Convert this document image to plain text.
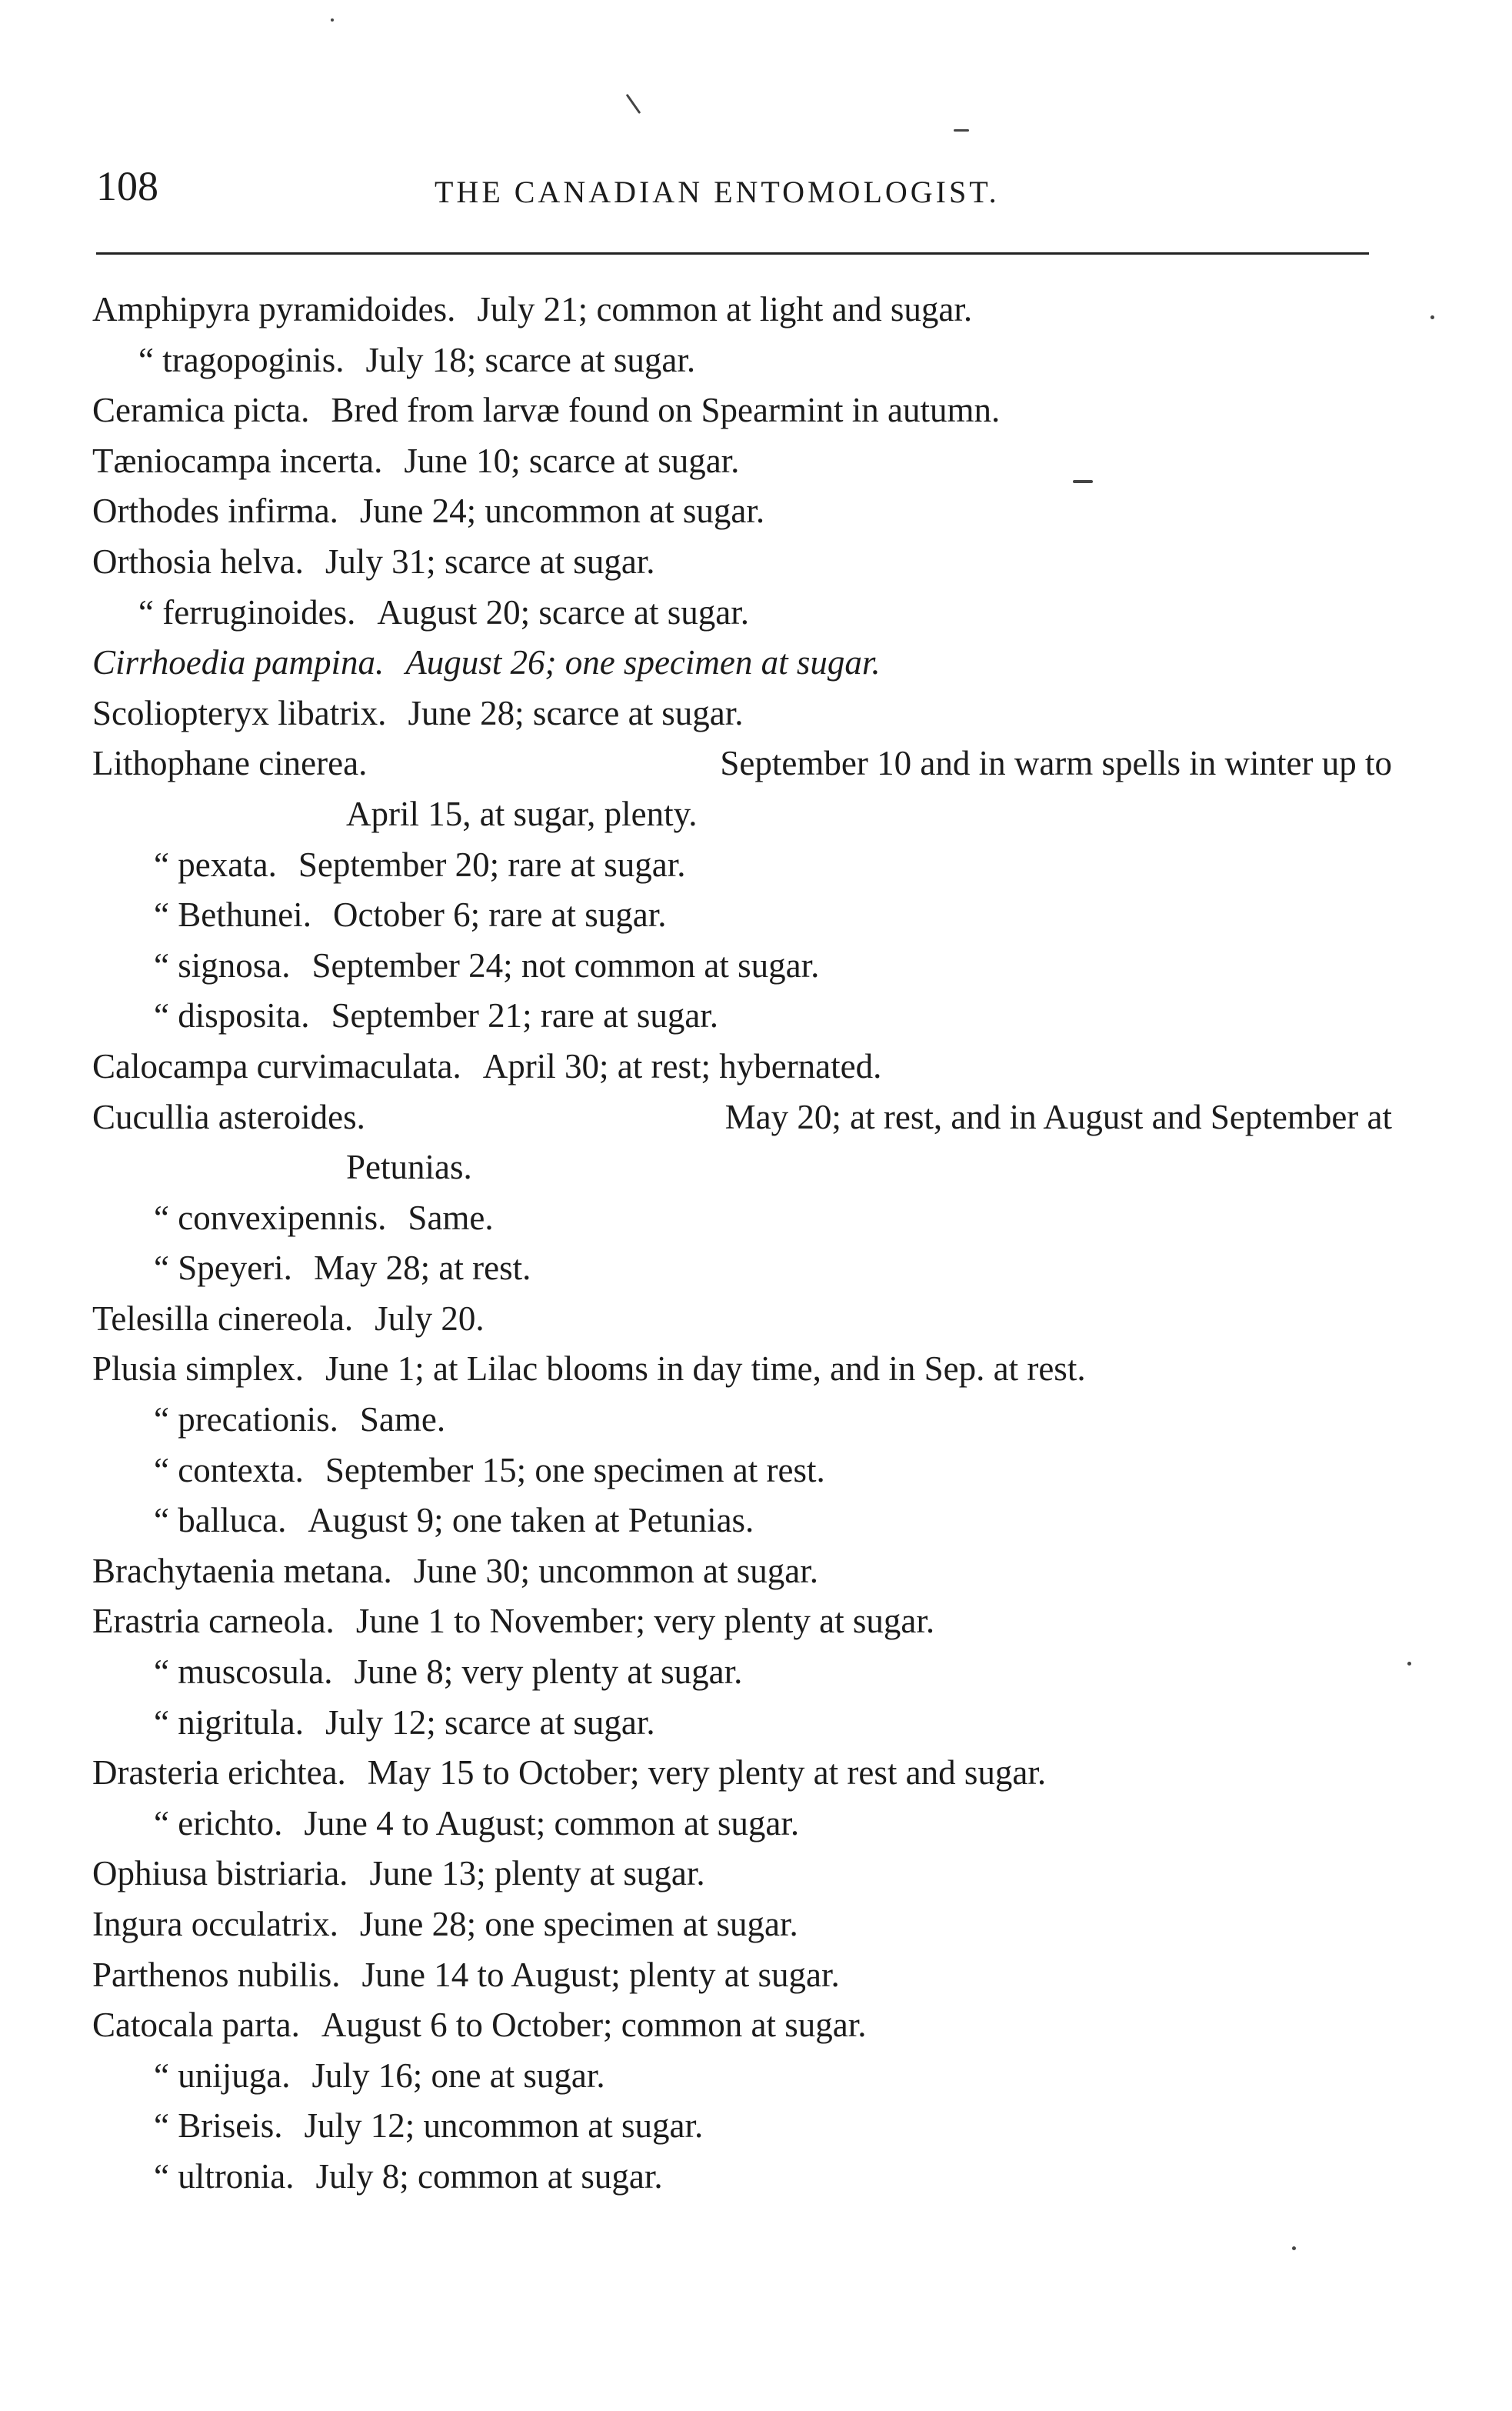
108	THE CANADIAN ENTOMOLOGIST.
Amphipyra pyramidoides. July 21; common at light and sugar.
“ tragopoginis. July 18; scarce at sugar.
Ceramica picta. Bred from larvæ found on Spearmint in autumn.
Tæniocampa incerta. June 10; scarce at sugar.
Orthodes infirma. June 24; uncommon at sugar.
Orthosia helva. July 31; scarce at sugar.
“ ferruginoides. August 20; scarce at sugar.
Cirrhoedia pampina. August 26; one specimen at sugar.
Scoliopteryx libatrix. June 28; scarce at sugar.
Lithophane cinerea.	September 10 and in warm spells in winter up to
April 15, at sugar, plenty.
“ pexata. September 20; rare at sugar.
“ Bethunei. October 6; rare at sugar.
“ signosa. September 24; not common at sugar.
“ disposita. September 21; rare at sugar.
Calocampa curvimaculata. April 30; at rest; hybernated.
Cucullia asteroides.	May 20; at rest, and in August and September at
Petunias.
“ convexipennis. Same.
“ Speyeri. May 28; at rest.
Telesilla cinereola. July 20.
Plusia simplex. June 1; at Lilac blooms in day time, and in Sep. at rest.
“ precationis. Same.
“ contexta. September 15; one specimen at rest.
“ balluca. August 9; one taken at Petunias.
Brachytaenia metana. June 30; uncommon at sugar.
Erastria carneola. June 1 to November; very plenty at sugar.
“ muscosula. June 8; very plenty at sugar.
“ nigritula. July 12; scarce at sugar.
Drasteria erichtea. May 15 to October; very plenty at rest and sugar.
“ erichto. June 4 to August; common at sugar.
Ophiusa bistriaria. June 13; plenty at sugar.
Ingura occulatrix. June 28; one specimen at sugar.
Parthenos nubilis. June 14 to August; plenty at sugar.
Catocala parta. August 6 to October; common at sugar.
“ unijuga. July 16; one at sugar.
“ Briseis. July 12; uncommon at sugar.
“ ultronia. July 8; common at sugar.
